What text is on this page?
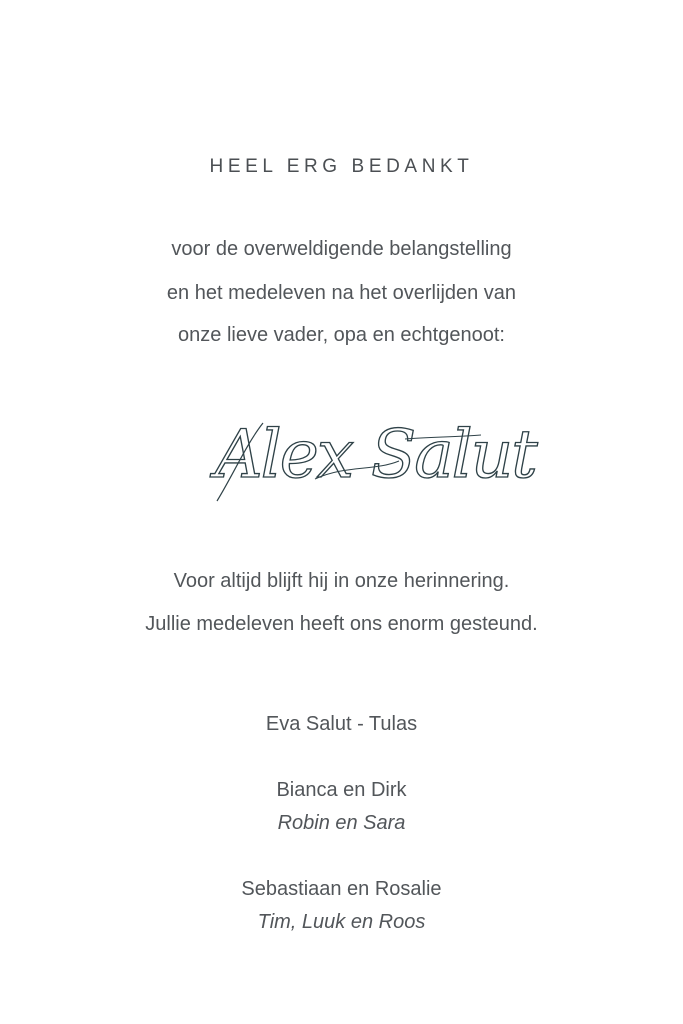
HEEL ERG BEDANKT
voor de overweldigende belangstelling
en het medeleven na het overlijden van
onze lieve vader, opa en echtgenoot:
Alex Salut
Voor altijd blijft hij in onze herinnering.
Jullie medeleven heeft ons enorm gesteund.
Eva Salut - Tulas
Bianca en Dirk
Robin en Sara
Sebastiaan en Rosalie
Tim, Luuk en Roos
